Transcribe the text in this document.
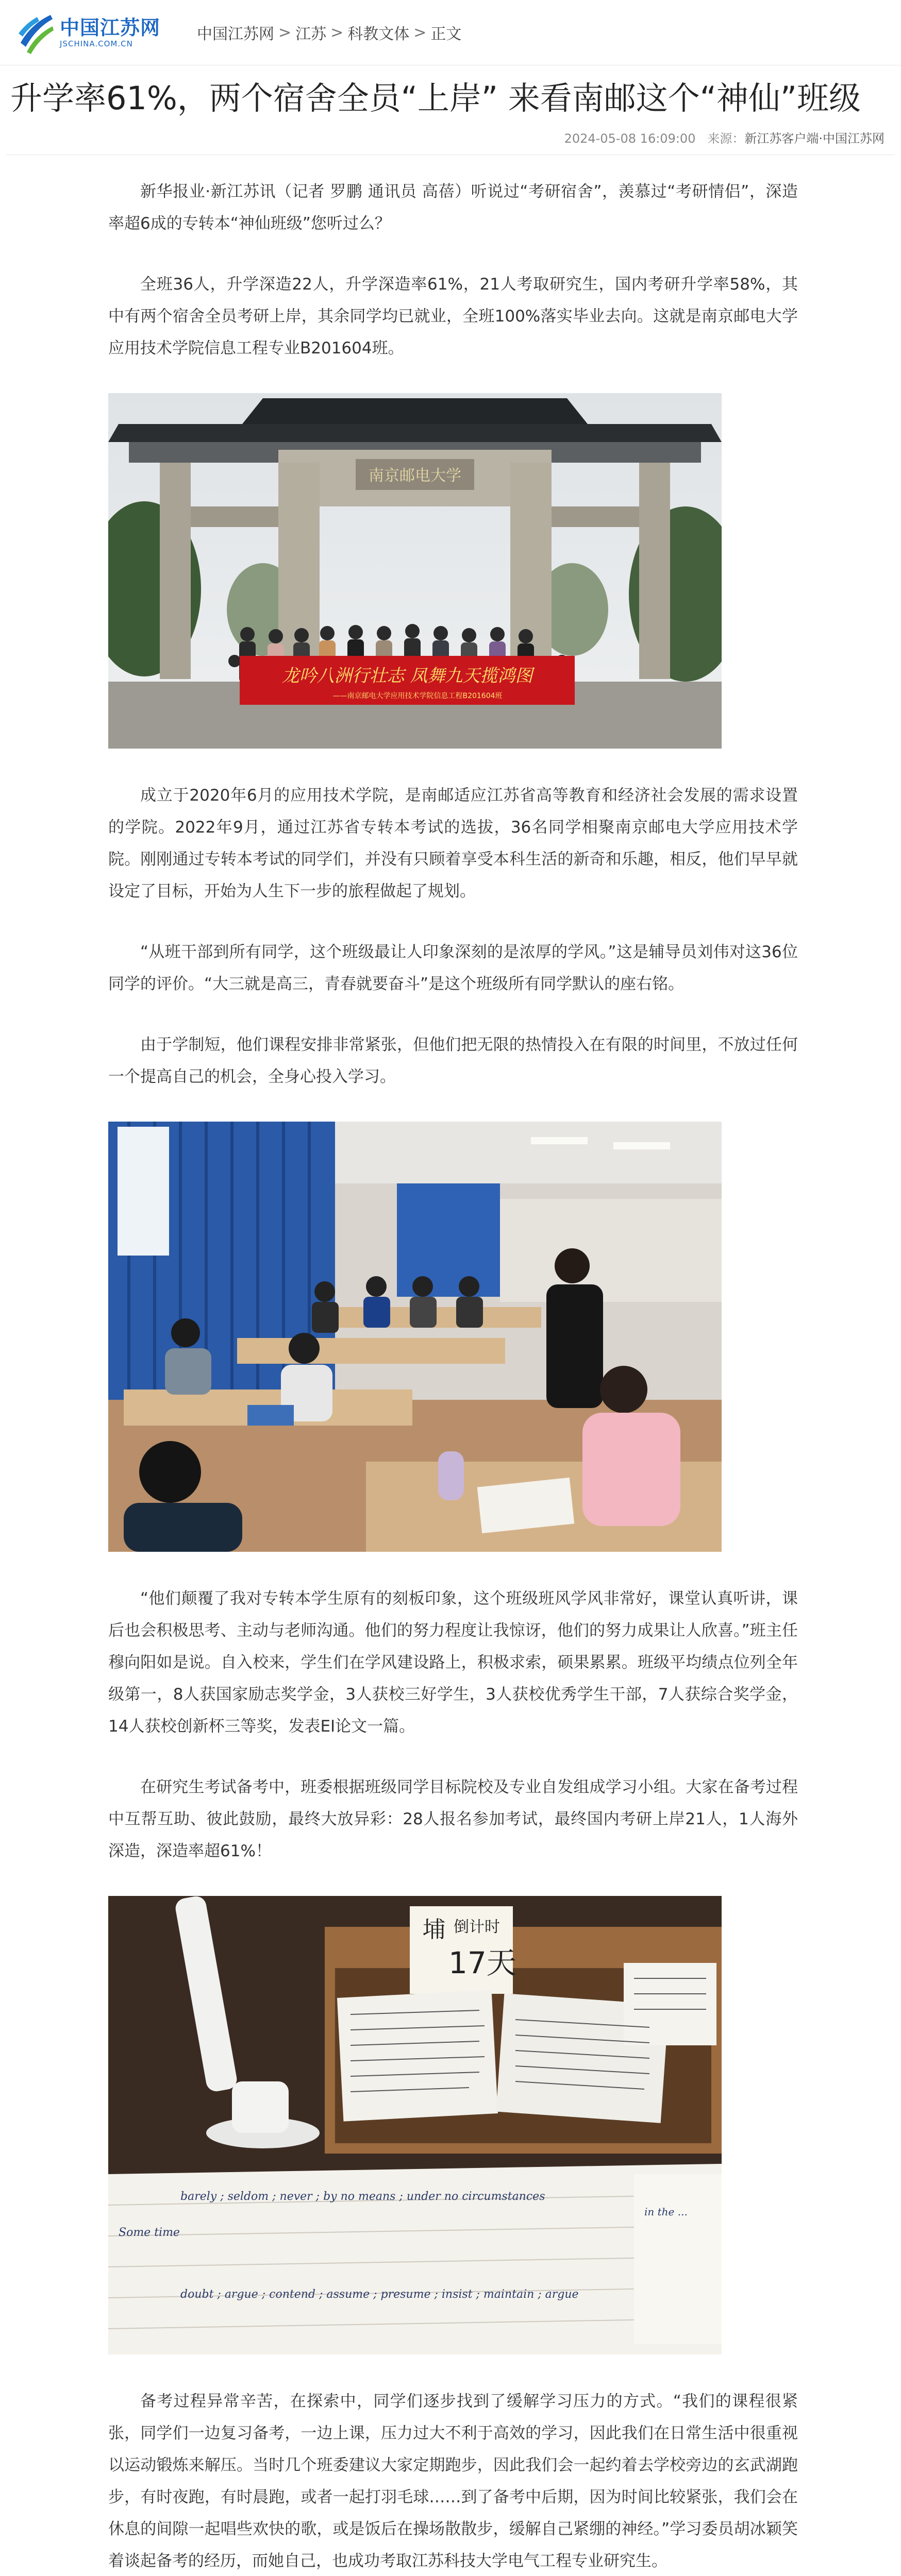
中国江苏网
JSCHINA.COM.CN
中国江苏网 > 江苏 > 科教文体 > 正文
升学率61%，两个宿舍全员“上岸” 来看南邮这个“神仙”班级
2024-05-08 16:09:00 来源：新江苏客户端·中国江苏网

新华报业·新江苏讯（记者 罗鹏 通讯员 高蓓）听说过“考研宿舍”，羡慕过“考研情侣”，深造率超6成的专转本“神仙班级”您听过么？

全班36人，升学深造22人，升学深造率61%，21人考取研究生，国内考研升学率58%，其中有两个宿舍全员考研上岸，其余同学均已就业，全班100%落实毕业去向。这就是南京邮电大学应用技术学院信息工程专业B201604班。

南京邮电大学
龙吟八洲行壮志 凤舞九天揽鸿图
——南京邮电大学应用技术学院信息工程B201604班

成立于2020年6月的应用技术学院，是南邮适应江苏省高等教育和经济社会发展的需求设置的学院。2022年9月，通过江苏省专转本考试的选拔，36名同学相聚南京邮电大学应用技术学院。刚刚通过专转本考试的同学们，并没有只顾着享受本科生活的新奇和乐趣，相反，他们早早就设定了目标，开始为人生下一步的旅程做起了规划。

“从班干部到所有同学，这个班级最让人印象深刻的是浓厚的学风。”这是辅导员刘伟对这36位同学的评价。“大三就是高三，青春就要奋斗”是这个班级所有同学默认的座右铭。

由于学制短，他们课程安排非常紧张，但他们把无限的热情投入在有限的时间里，不放过任何一个提高自己的机会，全身心投入学习。

“他们颠覆了我对专转本学生原有的刻板印象，这个班级班风学风非常好，课堂认真听讲，课后也会积极思考、主动与老师沟通。他们的努力程度让我惊讶，他们的努力成果让人欣喜。”班主任穆向阳如是说。自入校来，学生们在学风建设路上，积极求索，硕果累累。班级平均绩点位列全年级第一，8人获国家励志奖学金，3人获校三好学生，3人获校优秀学生干部，7人获综合奖学金，14人获校创新杯三等奖，发表EI论文一篇。

在研究生考试备考中，班委根据班级同学目标院校及专业自发组成学习小组。大家在备考过程中互帮互助、彼此鼓励，最终大放异彩：28人报名参加考试，最终国内考研上岸21人，1人海外深造，深造率超61%！

埔 倒计时
17天
barely ; seldom ; never ; by no means ; under no circumstances
Some time
doubt ; argue ; contend ; assume ; presume ; insist ; maintain ; argue
in the ...

备考过程异常辛苦，在探索中，同学们逐步找到了缓解学习压力的方式。“我们的课程很紧张，同学们一边复习备考，一边上课，压力过大不利于高效的学习，因此我们在日常生活中很重视以运动锻炼来解压。当时几个班委建议大家定期跑步，因此我们会一起约着去学校旁边的玄武湖跑步，有时夜跑，有时晨跑，或者一起打羽毛球……到了备考中后期，因为时间比较紧张，我们会在休息的间隙一起唱些欢快的歌，或是饭后在操场散散步，缓解自己紧绷的神经。”学习委员胡冰颖笑着谈起备考的经历，而她自己，也成功考取江苏科技大学电气工程专业研究生。
